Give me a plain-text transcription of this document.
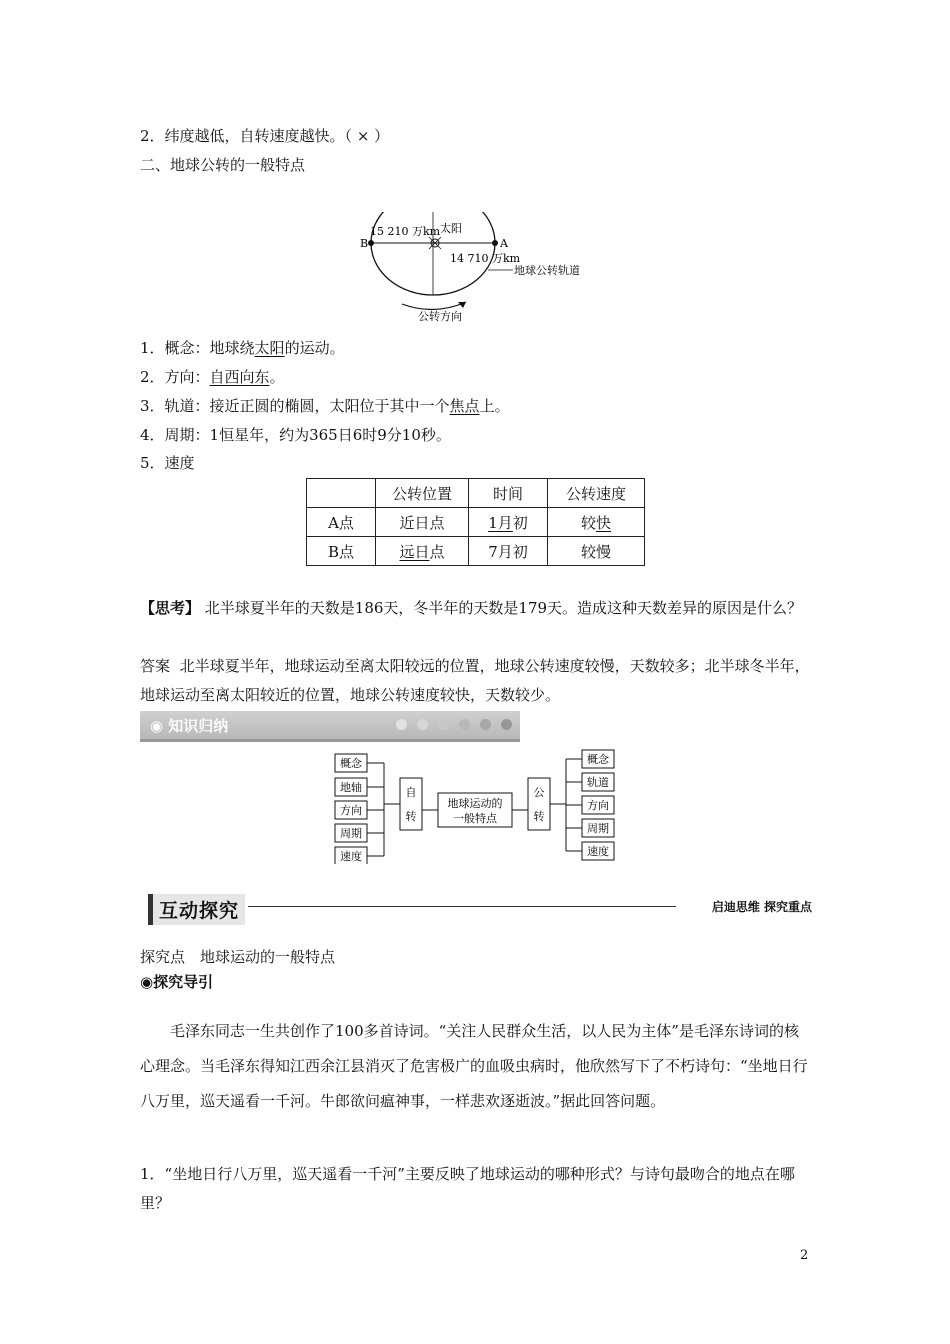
2．纬度越低，自转速度越快。（ × ）
二、地球公转的一般特点
15 210 万km 太阳
B	A
14 710 万km
地球公转轨道
公转方向
1．概念：地球绕太阳的运动。
2．方向：自西向东。
3．轨道：接近正圆的椭圆，太阳位于其中一个焦点上。
4．周期：1恒星年，约为365日6时9分10秒。
5．速度
	公转位置	时间	公转速度
A点	近日点	1月初	较快
B点	远日点	7月初	较慢
【思考】 北半球夏半年的天数是186天，冬半年的天数是179天。造成这种天数差异的原因是什么？
答案 北半球夏半年，地球运动至离太阳较远的位置，地球公转速度较慢，天数较多；北半球冬半年，地球运动至离太阳较近的位置，地球公转速度较快，天数较少。
◉ 知识归纳
概念
地轴
方向
周期
速度
自
转
地球运动的
一般特点
公
转
概念
轨道
方向
周期
速度
互动探究	启迪思维 探究重点
探究点　地球运动的一般特点
◉探究导引
毛泽东同志一生共创作了100多首诗词。“关注人民群众生活，以人民为主体”是毛泽东诗词的核心理念。当毛泽东得知江西余江县消灭了危害极广的血吸虫病时，他欣然写下了不朽诗句：“坐地日行八万里，巡天遥看一千河。牛郎欲问瘟神事，一样悲欢逐逝波。”据此回答问题。
1．“坐地日行八万里，巡天遥看一千河”主要反映了地球运动的哪种形式？与诗句最吻合的地点在哪里？
2
